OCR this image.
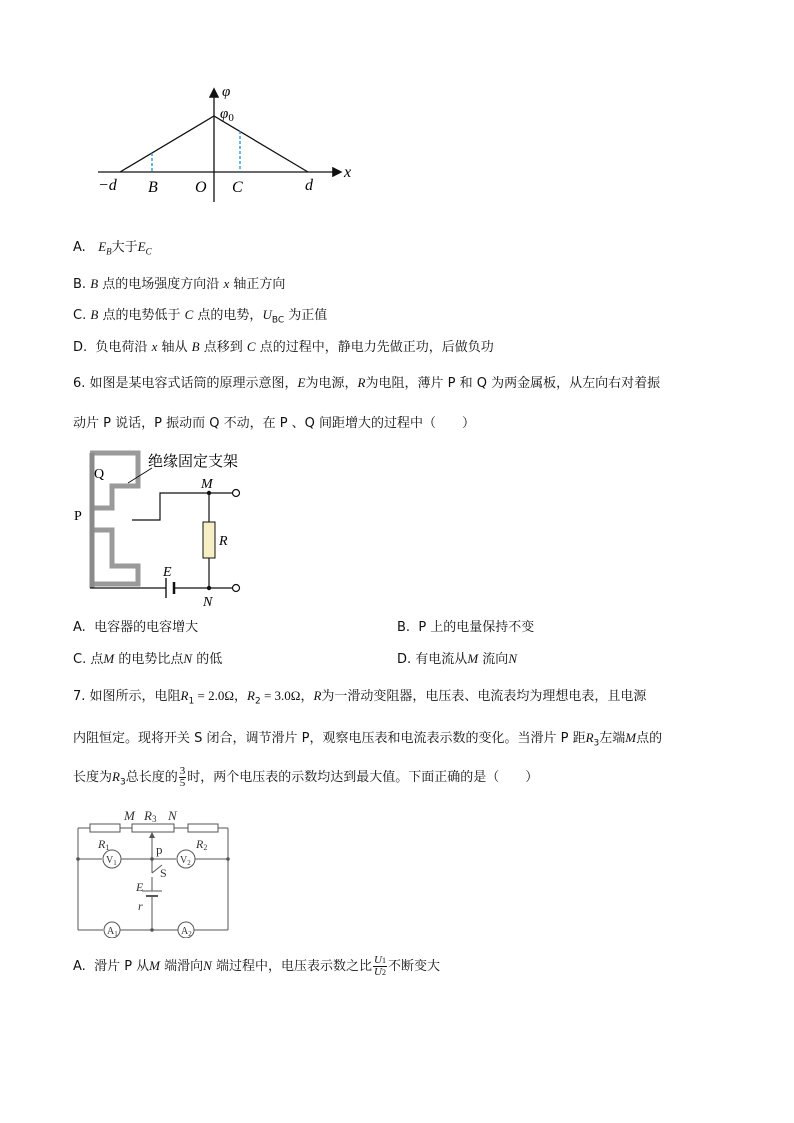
φ
$\varphi_0$
x
−d B O C	d
A. $E_B$大于$E_C$
B. B 点的电场强度方向沿 x 轴正方向
C. B 点的电势低于 C 点的电势，$U_{BC}$ 为正值
D. 负电荷沿 x 轴从 B 点移到 C 点的过程中，静电力先做正功，后做负功
6. 如图是某电容式话筒的原理示意图，E为电源，R为电阻，薄片 P 和 Q 为两金属板，从左向右对着振
动片 P 说话，P 振动而 Q 不动，在 P 、Q 间距增大的过程中（　　）
Q
P
绝缘固定支架
M
R
E
N
A. 电容器的电容增大	B. P 上的电量保持不变
C. 点M 的电势比点N 的低	D. 有电流从M 流向N
7. 如图所示，电阻$R_1 = 2.0\Omega$，$R_2 = 3.0\Omega$，R为一滑动变阻器，电压表、电流表均为理想电表，且电源
内阻恒定。现将开关 S 闭合，调节滑片 P，观察电压表和电流表示数的变化。当滑片 P 距$R_3$左端M点的
长度为$R_3$总长度的 $\frac{3}{5}$ 时，两个电压表的示数均达到最大值。下面正确的是（　　）
M R3 N
R1	R2
$V_1$	$V_2$
p
S
E
r
$A_1$	$A_2$
A. 滑片 P 从M 端滑向N 端过程中，电压表示数之比 $\frac{U1}{U2}$ 不断变大
